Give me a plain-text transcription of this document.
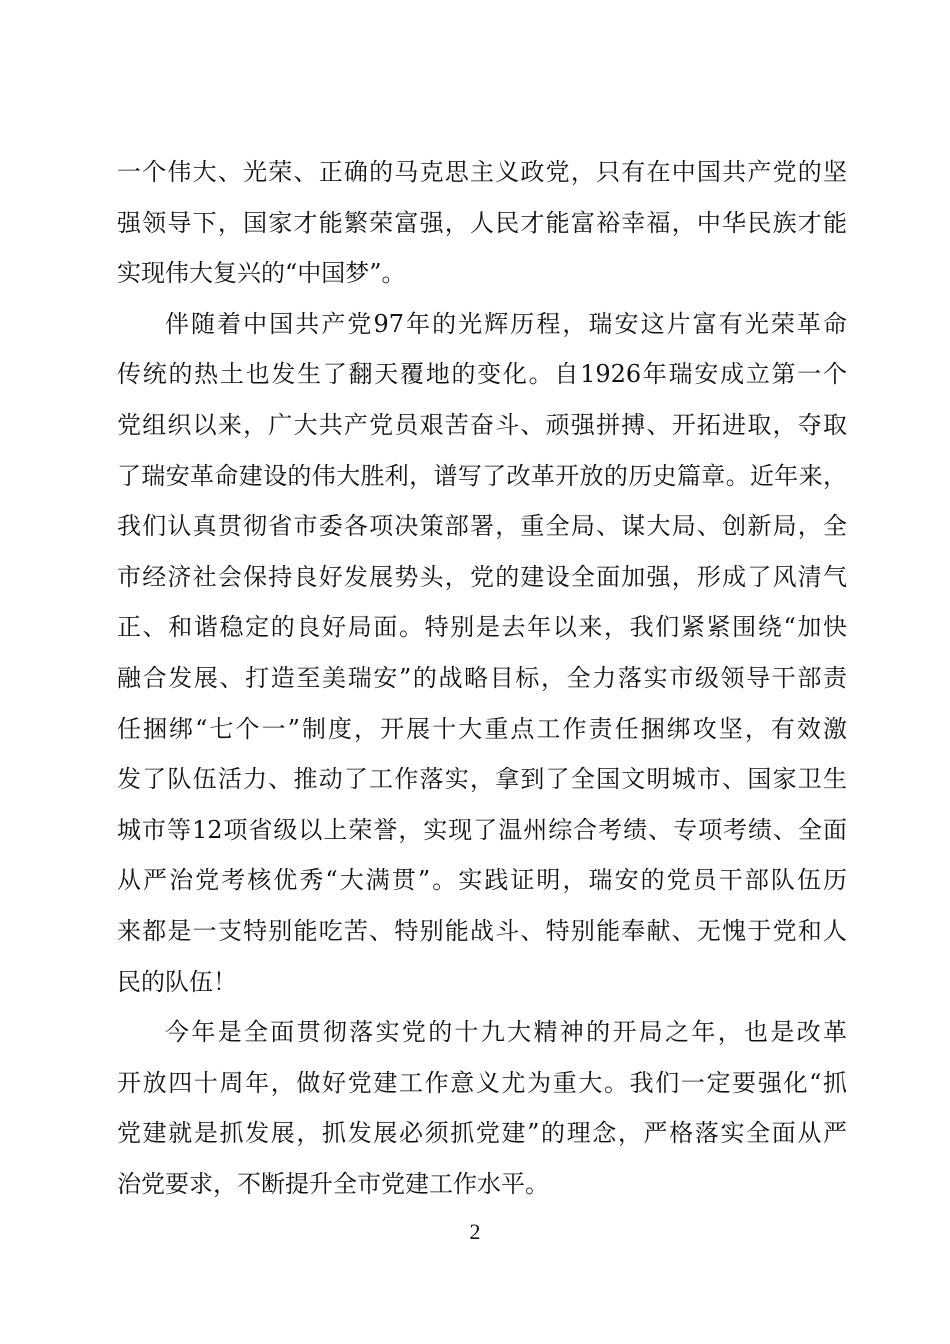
一个伟大、光荣、正确的马克思主义政党，只有在中国共产党的坚
强领导下，国家才能繁荣富强，人民才能富裕幸福，中华民族才能
实现伟大复兴的“中国梦”。
伴随着中国共产党97年的光辉历程，瑞安这片富有光荣革命
传统的热土也发生了翻天覆地的变化。自1926年瑞安成立第一个
党组织以来，广大共产党员艰苦奋斗、顽强拼搏、开拓进取，夺取
了瑞安革命建设的伟大胜利，谱写了改革开放的历史篇章。近年来，
我们认真贯彻省市委各项决策部署，重全局、谋大局、创新局，全
市经济社会保持良好发展势头，党的建设全面加强，形成了风清气
正、和谐稳定的良好局面。特别是去年以来，我们紧紧围绕“加快
融合发展、打造至美瑞安”的战略目标，全力落实市级领导干部责
任捆绑“七个一”制度，开展十大重点工作责任捆绑攻坚，有效激
发了队伍活力、推动了工作落实，拿到了全国文明城市、国家卫生
城市等12项省级以上荣誉，实现了温州综合考绩、专项考绩、全面
从严治党考核优秀“大满贯”。实践证明，瑞安的党员干部队伍历
来都是一支特别能吃苦、特别能战斗、特别能奉献、无愧于党和人
民的队伍！
今年是全面贯彻落实党的十九大精神的开局之年，也是改革
开放四十周年，做好党建工作意义尤为重大。我们一定要强化“抓
党建就是抓发展，抓发展必须抓党建”的理念，严格落实全面从严
治党要求，不断提升全市党建工作水平。
2
